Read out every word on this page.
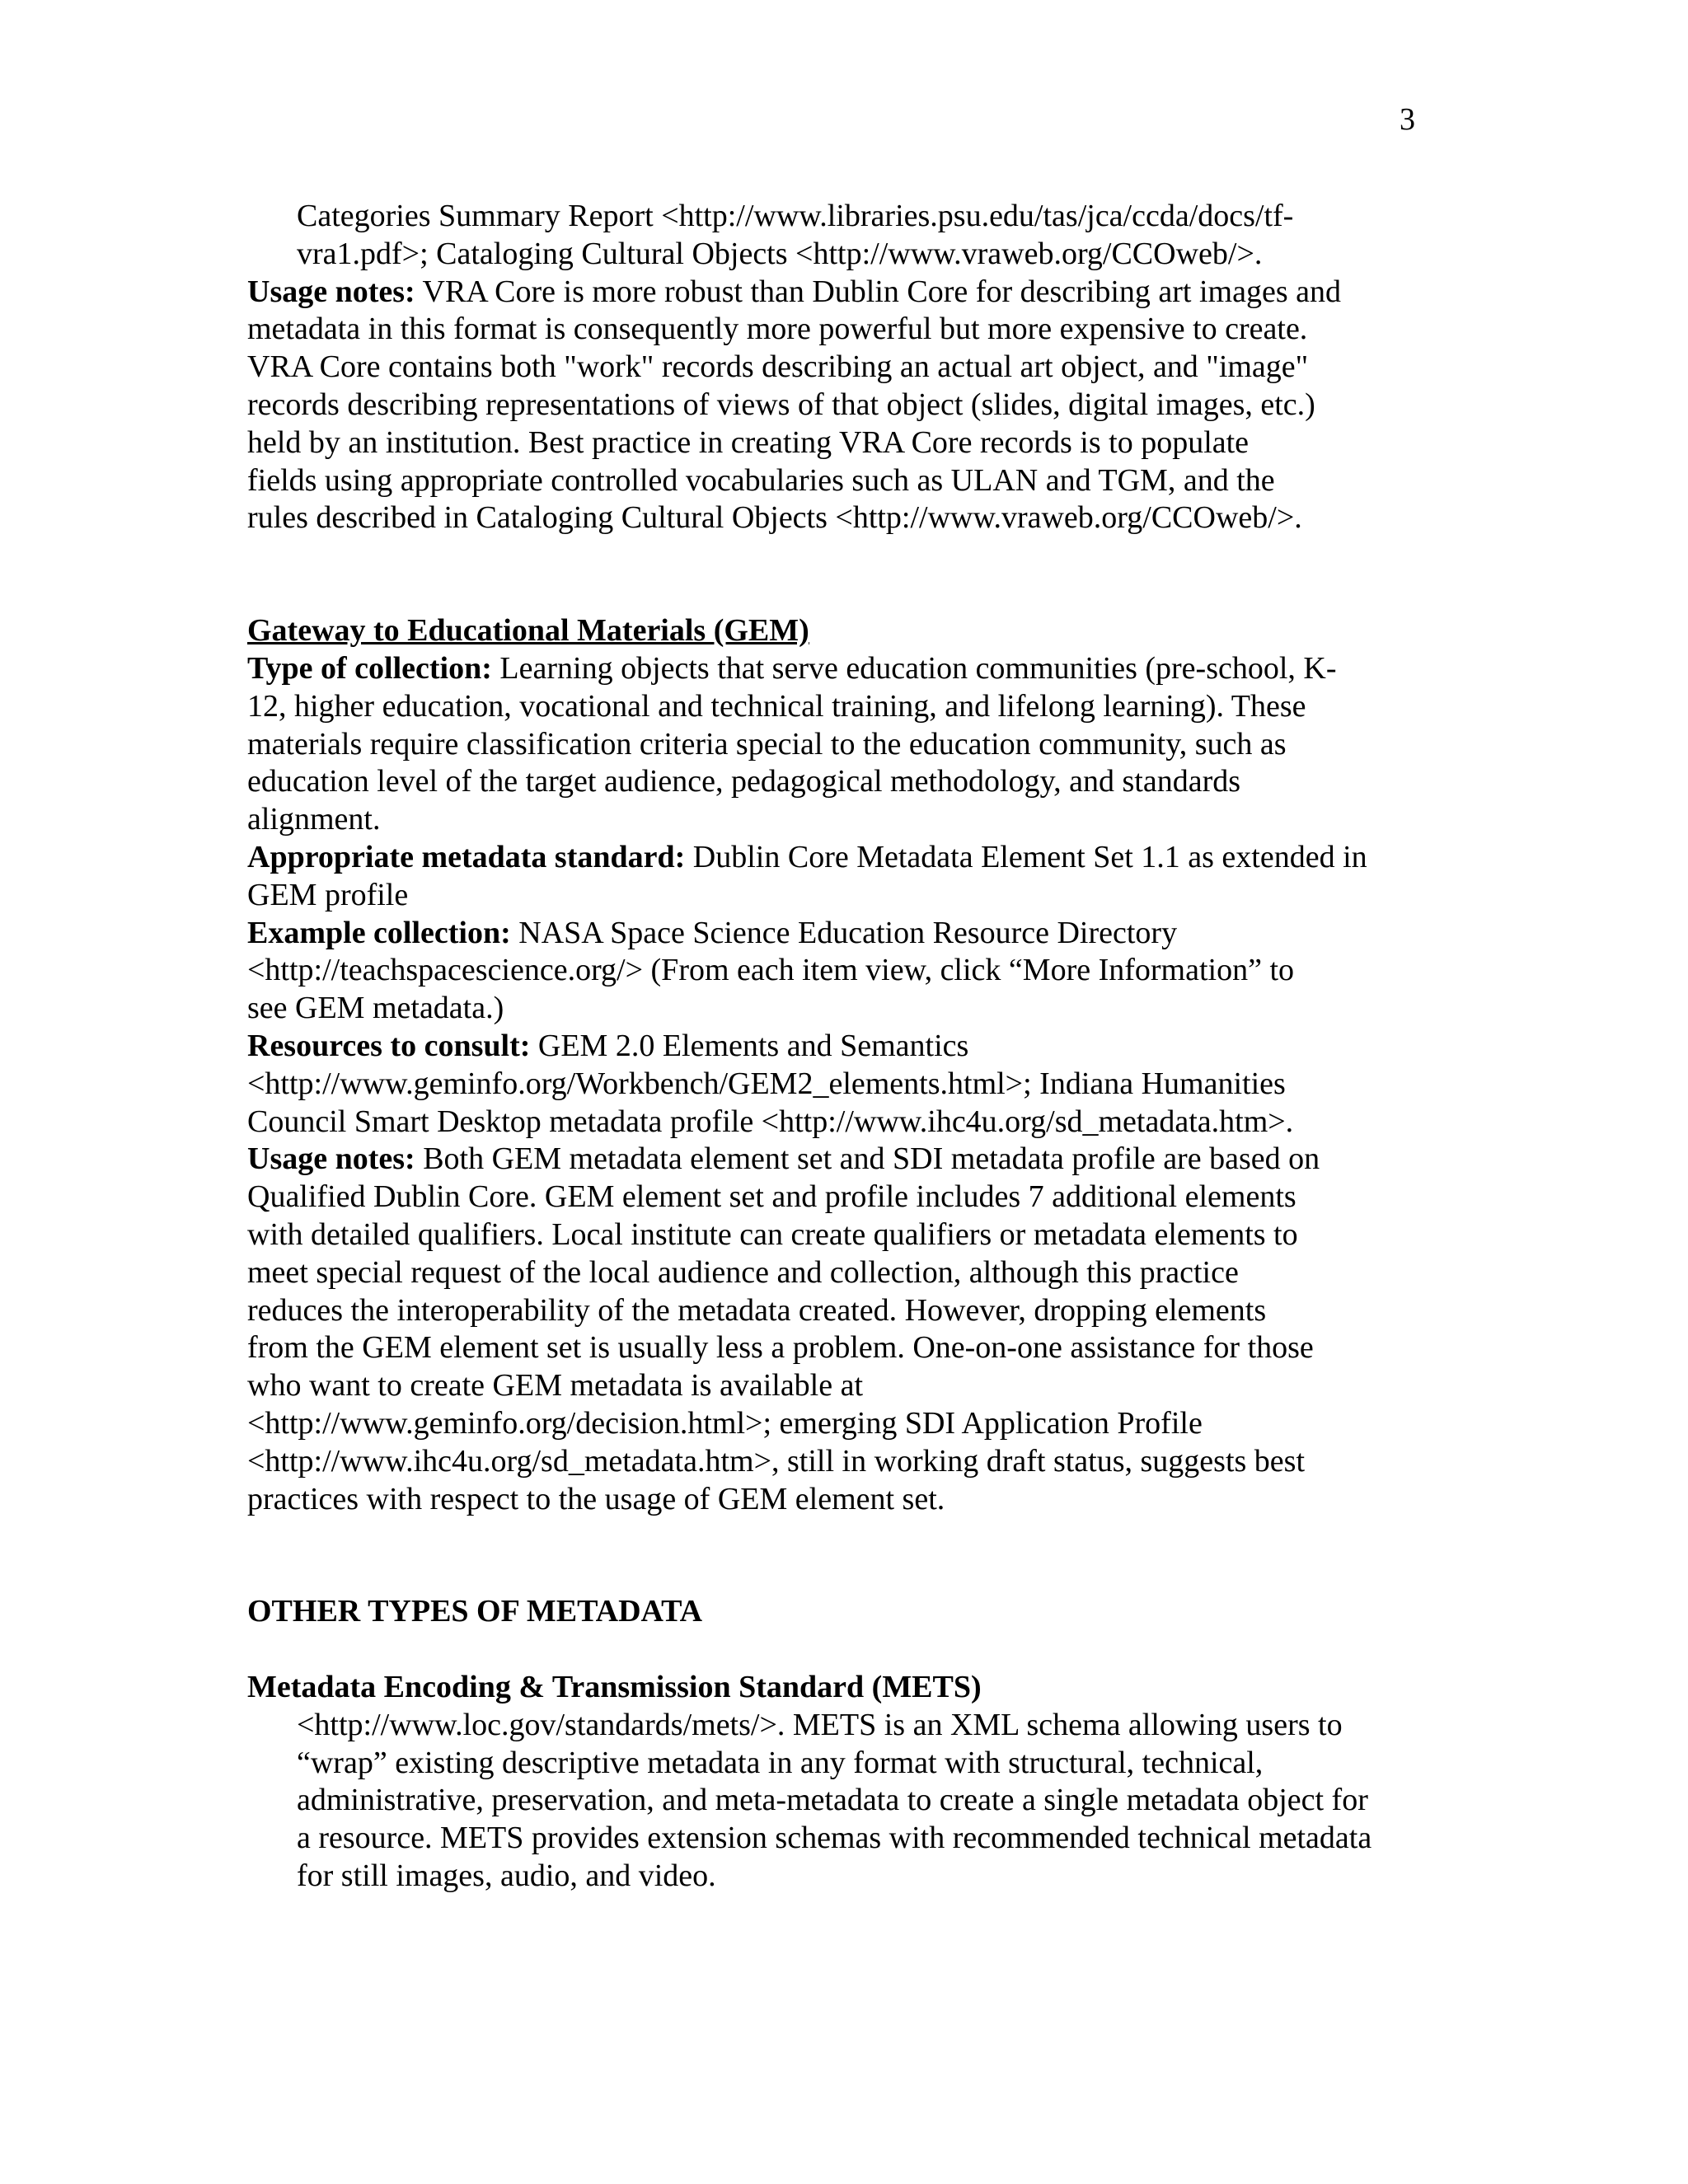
3
Categories Summary Report <http://www.libraries.psu.edu/tas/jca/ccda/docs/tf-
vra1.pdf>; Cataloging Cultural Objects <http://www.vraweb.org/CCOweb/>.
Usage notes: VRA Core is more robust than Dublin Core for describing art images and
metadata in this format is consequently more powerful but more expensive to create.
VRA Core contains both "work" records describing an actual art object, and "image"
records describing representations of views of that object (slides, digital images, etc.)
held by an institution. Best practice in creating VRA Core records is to populate
fields using appropriate controlled vocabularies such as ULAN and TGM, and the
rules described in Cataloging Cultural Objects <http://www.vraweb.org/CCOweb/>.

Gateway to Educational Materials (GEM)

Type of collection: Learning objects that serve education communities (pre-school, K-
12, higher education, vocational and technical training, and lifelong learning). These
materials require classification criteria special to the education community, such as
education level of the target audience, pedagogical methodology, and standards
alignment.
Appropriate metadata standard: Dublin Core Metadata Element Set 1.1 as extended in
GEM profile
Example collection: NASA Space Science Education Resource Directory
<http://teachspacescience.org/> (From each item view, click “More Information” to
see GEM metadata.)
Resources to consult: GEM 2.0 Elements and Semantics
<http://www.geminfo.org/Workbench/GEM2_elements.html>; Indiana Humanities
Council Smart Desktop metadata profile <http://www.ihc4u.org/sd_metadata.htm>.
Usage notes: Both GEM metadata element set and SDI metadata profile are based on
Qualified Dublin Core. GEM element set and profile includes 7 additional elements
with detailed qualifiers. Local institute can create qualifiers or metadata elements to
meet special request of the local audience and collection, although this practice
reduces the interoperability of the metadata created. However, dropping elements
from the GEM element set is usually less a problem. One-on-one assistance for those
who want to create GEM metadata is available at
<http://www.geminfo.org/decision.html>; emerging SDI Application Profile
<http://www.ihc4u.org/sd_metadata.htm>, still in working draft status, suggests best
practices with respect to the usage of GEM element set.

OTHER TYPES OF METADATA

Metadata Encoding & Transmission Standard (METS)

<http://www.loc.gov/standards/mets/>. METS is an XML schema allowing users to
“wrap” existing descriptive metadata in any format with structural, technical,
administrative, preservation, and meta-metadata to create a single metadata object for
a resource. METS provides extension schemas with recommended technical metadata
for still images, audio, and video.
